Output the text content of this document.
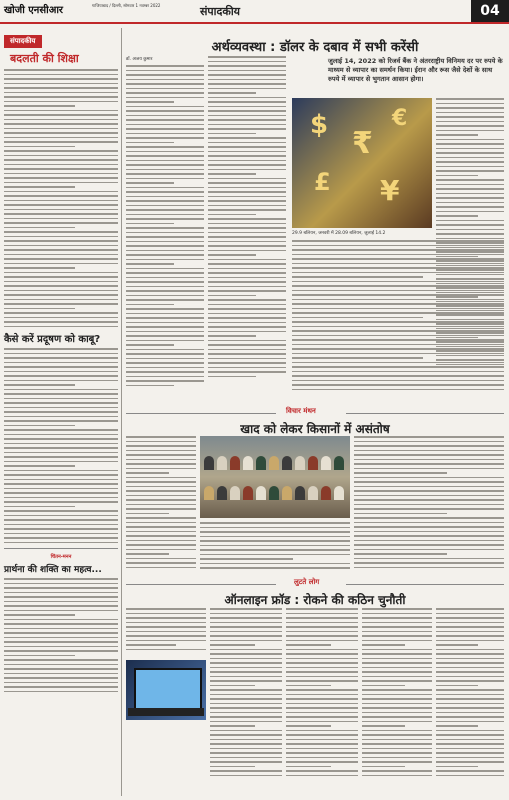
खोजी एनसीआर	गाजियाबाद / दिल्ली, सोमवार 1 नवम्बर 2022	संपादकीय	04
संपादकीय
बदलती की शिक्षा
कैसे करें प्रदूषण को काबू?
चिंतन-मनन
प्रार्थना की शक्ति का महत्व...
अर्थव्यवस्था : डॉलर के दबाव में सभी करेंसी
डॉ. अजय कुमार	जुलाई 14, 2022 को रिजर्व बैंक ने अंतरराष्ट्रीय विनिमय दर पर रुपये के माध्यम से व्यापार का समर्थन किया। ईरान और रूस जैसे देशों के साथ रुपये में व्यापार से भुगतान आसान होगा।
$
₹
€
£ ¥
29.9 बलियन, जनवरी में 28.09 बलियन, जुलाई 14.2
विचार मंथन
खाद को लेकर किसानों में असंतोष
लुटते लोग
ऑनलाइन फ्रॉड : रोकने की कठिन चुनौती
